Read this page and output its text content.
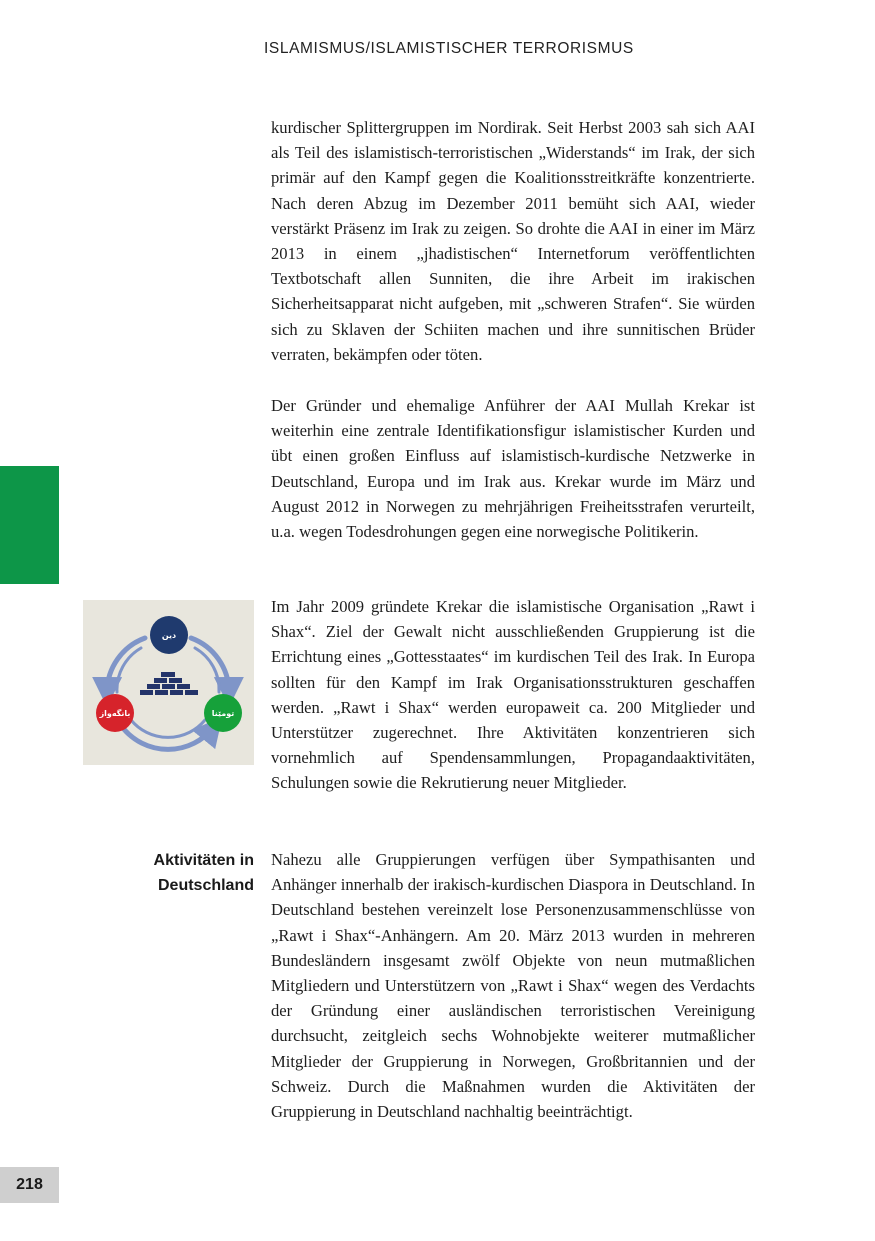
ISLAMISMUS/ISLAMISTISCHER TERRORISMUS

kurdischer Splittergruppen im Nordirak. Seit Herbst 2003 sah sich AAI als Teil des islamistisch-terroristischen „Widerstands“ im Irak, der sich primär auf den Kampf gegen die Koalitionsstreitkräfte konzentrierte. Nach deren Abzug im Dezember 2011 bemüht sich AAI, wieder verstärkt Präsenz im Irak zu zeigen. So drohte die AAI in einer im März 2013 in einem „jhadistischen“ Internetforum veröffentlichten Textbotschaft allen Sunniten, die ihre Arbeit im irakischen Sicherheitsapparat nicht aufgeben, mit „schweren Strafen“. Sie würden sich zu Sklaven der Schiiten machen und ihre sunnitischen Brüder verraten, bekämpfen oder töten.

Der Gründer und ehemalige Anführer der AAI Mullah Krekar ist weiterhin eine zentrale Identifikationsfigur islamistischer Kurden und übt einen großen Einfluss auf islamistisch-kurdische Netzwerke in Deutschland, Europa und im Irak aus. Krekar wurde im März und August 2012 in Norwegen zu mehrjährigen Freiheitsstrafen verurteilt, u.a. wegen Todesdrohungen gegen eine norwegische Politikerin.

دین
بانگەواز	تومێنا

Im Jahr 2009 gründete Krekar die islamistische Organisation „Rawt i Shax“. Ziel der Gewalt nicht ausschließenden Gruppierung ist die Errichtung eines „Gottesstaates“ im kurdischen Teil des Irak. In Europa sollten für den Kampf im Irak Organisationsstrukturen geschaffen werden. „Rawt i Shax“ werden europaweit ca. 200 Mitglieder und Unterstützer zugerechnet. Ihre Aktivitäten konzentrieren sich vornehmlich auf Spendensammlungen, Propagandaaktivitäten, Schulungen sowie die Rekrutierung neuer Mitglieder.

Aktivitäten in
Deutschland

Nahezu alle Gruppierungen verfügen über Sympathisanten und Anhänger innerhalb der irakisch-kurdischen Diaspora in Deutschland. In Deutschland bestehen vereinzelt lose Personenzusammenschlüsse von „Rawt i Shax“-Anhängern. Am 20. März 2013 wurden in mehreren Bundesländern insgesamt zwölf Objekte von neun mutmaßlichen Mitgliedern und Unterstützern von „Rawt i Shax“ wegen des Verdachts der Gründung einer ausländischen terroristischen Vereinigung durchsucht, zeitgleich sechs Wohnobjekte weiterer mutmaßlicher Mitglieder der Gruppierung in Norwegen, Großbritannien und der Schweiz. Durch die Maßnahmen wurden die Aktivitäten der Gruppierung in Deutschland nachhaltig beeinträchtigt.

218
